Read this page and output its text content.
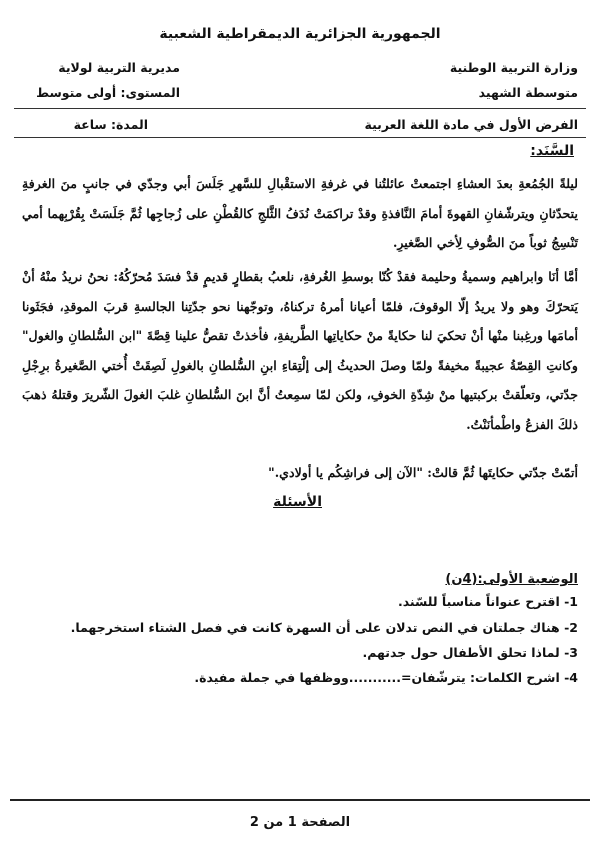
الجمهورية الجزائرية الديمقراطية الشعبية
وزارة التربية الوطنية
مديرية التربية لولاية
متوسطة الشهيد
المستوى: أولى متوسط
الفرض الأول في مادة اللغة العربية
المدة: ساعة
السَّنَد:
ليلةً الجُمُعةِ بعدَ العشاءِ اجتمعتْ عائلتُنا في غرفةِ الاستقْبالِ للسَّهرِ جَلَسَ أبي وجدّي في جانبٍ منَ الغرفةِ يتحدّثانِ ويترشّفانِ القهوةَ أمامَ النَّافذةِ وقدْ تراكمَتْ نُدَفُ الثَّلجِ كالقُطْنِ على زُجاجِها ثُمَّ جَلَسَتْ بِقُرْبِهما أمي تَنْسِجُ ثوباً منَ الصُّوفِ لِأخي الصَّغيرِ.
أمَّا أنَا وابراهيم وسميةُ وحليمة فقدْ كُنّا بوسطِ الغُرفةِ، نلعبُ بقطارٍ قديمٍ قدْ فسَدَ مُحرّكُهُ: نحنُ نريدُ منْهُ أنْ يَتحرّكَ وهو ولا يريدُ إلّا الوقوفَ، فلمّا أعيانا أمرهُ تركناهُ، وتوجّهنا نحو جدّتِنا الجالسةِ قربَ الموقدِ، فجَثَونا أمامَها ورغِبنا منْها أنْ تحكيَ لنا حكايةً منْ حكاياتِها الطَّريفةِ، فأخذتْ تقصُّ علينا قِصَّةَ "ابن السُّلطانِ والغول" وكانتِ القِصّةُ عجيبةً مخيفةً ولمّا وصلَ الحديثُ إلى إلْتِقاءِ ابنِ السُّلطانِ بالغولِ لَصِقَتْ أُختي الصَّغيرةُ برِجْلِ جدّتي، وتعلّقتْ بركبتيها منْ شِدّةِ الخوفِ، ولكن لمّا سمِعتُ أنَّ ابنَ السُّلطانِ غلبَ الغولَ الشّريرَ وقتلهُ ذهبَ ذلكَ الفزعُ واطْمأنَنْتُ.
أتمّتْ جدّتي حكايتَها ثُمَّ قالتْ: "الآن إلى فراشِكُم يا أولادي."
الأسئلة
الوضعية الأولى:(4ن)
1- اقترح عنواناً مناسباً للسّند.
2- هناك جملتان في النص تدلان على أن السهرة كانت في فصل الشتاء استخرجهما.
3- لماذا تحلق الأطفال حول جدتهم.
4- اشرح الكلمات: يترشّفان=...........ووظفها في جملة مفيدة.
الصفحة 1 من 2
